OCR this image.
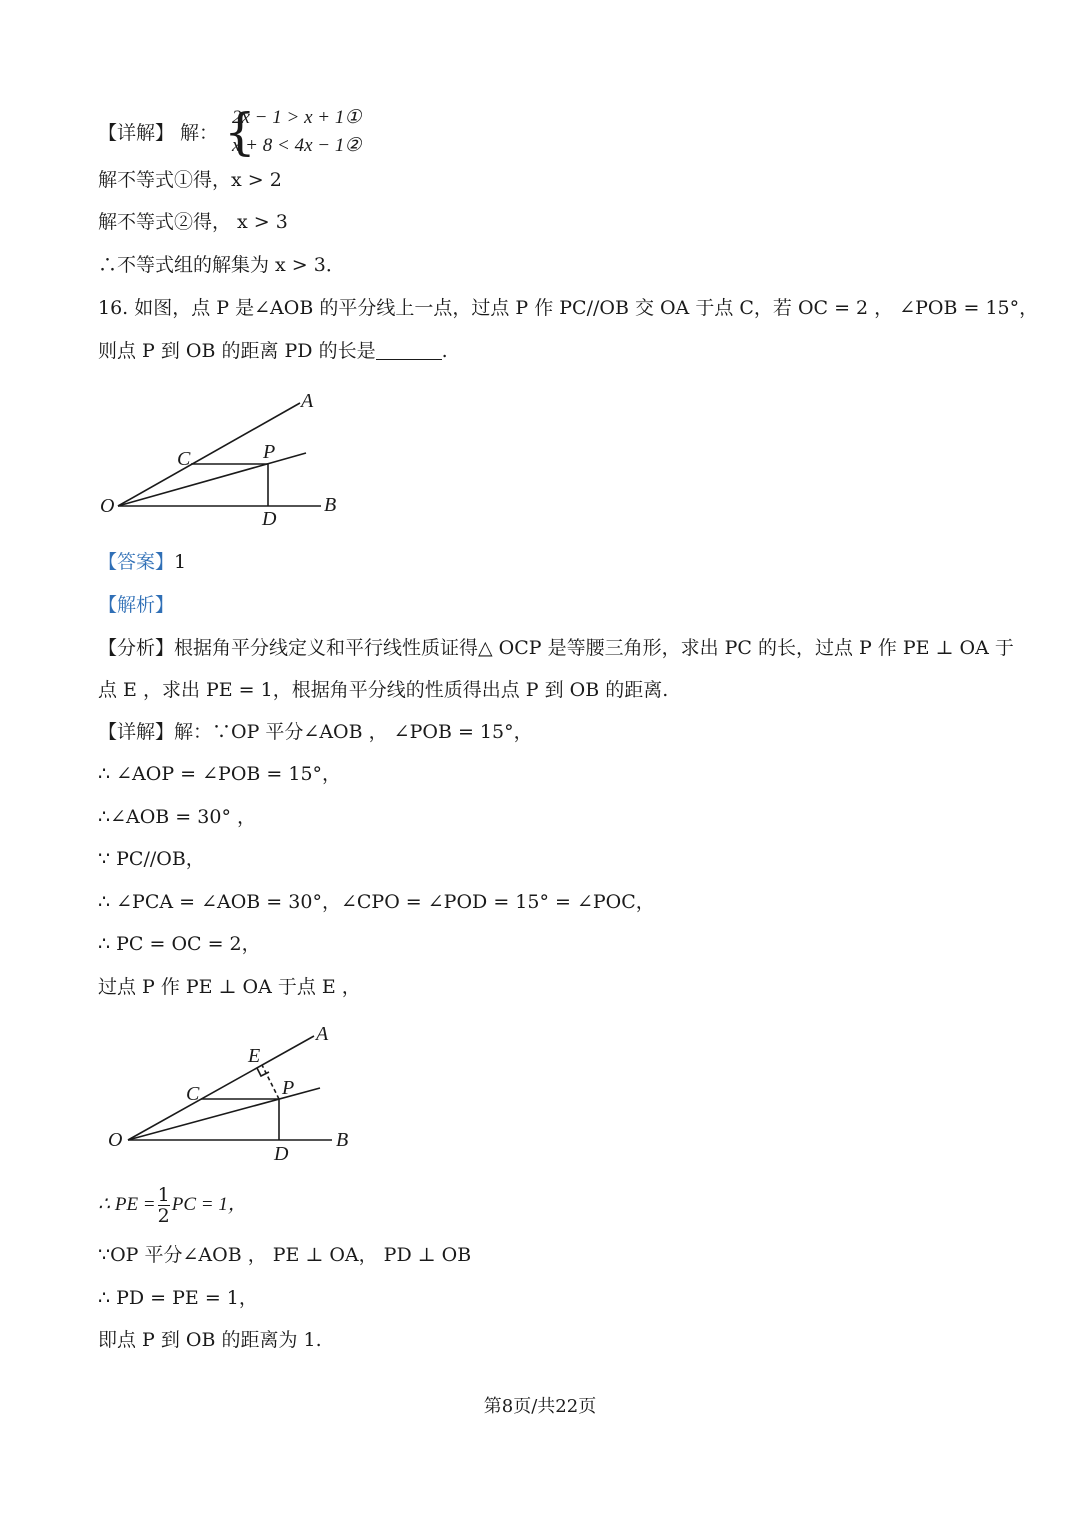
【详解】 解： {
2x − 1 > x + 1①
x + 8 < 4x − 1②
解不等式①得，x > 2
解不等式②得， x > 3
∴不等式组的解集为 x > 3．
16. 如图，点 P 是∠AOB 的平分线上一点，过点 P 作 PC//OB 交 OA 于点 C，若 OC = 2 ， ∠POB = 15°，
则点 P 到 OB 的距离 PD 的长是	.
A
B
C
D
O
P
【答案】1
【解析】
【分析】根据角平分线定义和平行线性质证得△ OCP 是等腰三角形，求出 PC 的长，过点 P 作 PE ⊥ OA 于
点 E ，求出 PE = 1，根据角平分线的性质得出点 P 到 OB 的距离.
【详解】解：∵OP 平分∠AOB ， ∠POB = 15°，
∴ ∠AOP = ∠POB = 15°，
∴∠AOB = 30° ，
∵ PC//OB，
∴ ∠PCA = ∠AOB = 30°，∠CPO = ∠POD = 15° = ∠POC，
∴ PC = OC = 2，
过点 P 作 PE ⊥ OA 于点 E ，
A
B
C
D
E
O
P
∴ PE = $\frac{1}{2}$ PC = 1，
∵OP 平分∠AOB ， PE ⊥ OA， PD ⊥ OB
∴ PD = PE = 1，
即点 P 到 OB 的距离为 1.
第8页/共22页
